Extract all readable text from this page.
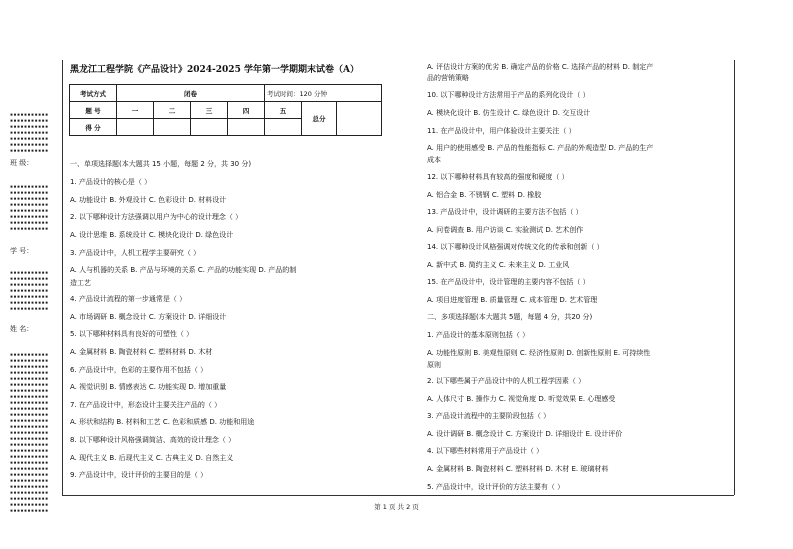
▪▪▪▪▪▪▪▪▪▪▪
▪▪▪▪▪▪▪▪▪▪▪
▪▪▪▪▪▪▪▪▪▪▪
▪▪▪▪▪▪▪▪▪▪▪
▪▪▪▪▪▪▪▪▪▪▪
▪▪▪▪▪▪▪▪▪▪▪
▪▪▪▪▪▪▪▪▪▪▪
班 级：
▪▪▪▪▪▪▪▪▪▪▪
▪▪▪▪▪▪▪▪▪▪▪
▪▪▪▪▪▪▪▪▪▪▪
▪▪▪▪▪▪▪▪▪▪▪
▪▪▪▪▪▪▪▪▪▪▪
▪▪▪▪▪▪▪▪▪▪▪
▪▪▪▪▪▪▪▪▪▪▪
▪▪▪▪▪▪▪▪▪▪▪
学 号：
▪▪▪▪▪▪▪▪▪▪▪
▪▪▪▪▪▪▪▪▪▪▪
▪▪▪▪▪▪▪▪▪▪▪
▪▪▪▪▪▪▪▪▪▪▪
▪▪▪▪▪▪▪▪▪▪▪
▪▪▪▪▪▪▪▪▪▪▪
▪▪▪▪▪▪▪▪▪▪▪
姓 名：
▪▪▪▪▪▪▪▪▪▪▪
▪▪▪▪▪▪▪▪▪▪▪
▪▪▪▪▪▪▪▪▪▪▪
▪▪▪▪▪▪▪▪▪▪▪
▪▪▪▪▪▪▪▪▪▪▪
▪▪▪▪▪▪▪▪▪▪▪
▪▪▪▪▪▪▪▪▪▪▪
▪▪▪▪▪▪▪▪▪▪▪
▪▪▪▪▪▪▪▪▪▪▪
▪▪▪▪▪▪▪▪▪▪▪
▪▪▪▪▪▪▪▪▪▪▪
▪▪▪▪▪▪▪▪▪▪▪
▪▪▪▪▪▪▪▪▪▪▪
▪▪▪▪▪▪▪▪▪▪▪
▪▪▪▪▪▪▪▪▪▪▪
▪▪▪▪▪▪▪▪▪▪▪
▪▪▪▪▪▪▪▪▪▪▪
▪▪▪▪▪▪▪▪▪▪▪
▪▪▪▪▪▪▪▪▪▪▪
▪▪▪▪▪▪▪▪▪▪▪
▪▪▪▪▪▪▪▪▪▪▪
▪▪▪▪▪▪▪▪▪▪▪
▪▪▪▪▪▪▪▪▪▪▪
▪▪▪▪▪▪▪▪▪▪▪
▪▪▪▪▪▪▪▪▪▪▪
▪▪▪▪▪▪▪▪▪▪▪
▪▪▪▪▪▪▪▪▪▪▪
黑龙江工程学院《产品设计》2024-2025 学年第一学期期末试卷（A）
考试方式	闭卷				考试时间：120 分钟		
题 号	一	二	三	四	五	总分	
得 分							
一、单项选择题(本大题共 15 小题，每题 2 分，共 30 分)
1. 产品设计的核心是（ ）
A. 功能设计 B. 外观设计 C. 色彩设计 D. 材料设计
2. 以下哪种设计方法强调以用户为中心的设计理念（ ）
A. 设计思维 B. 系统设计 C. 模块化设计 D. 绿色设计
3. 产品设计中，人机工程学主要研究（ ）
A. 人与机器的关系 B. 产品与环境的关系 C. 产品的功能实现 D. 产品的制
造工艺
4. 产品设计流程的第一步通常是（ ）
A. 市场调研 B. 概念设计 C. 方案设计 D. 详细设计
5. 以下哪种材料具有良好的可塑性（ ）
A. 金属材料 B. 陶瓷材料 C. 塑料材料 D. 木材
6. 产品设计中，色彩的主要作用不包括（ ）
A. 视觉识别 B. 情感表达 C. 功能实现 D. 增加重量
7. 在产品设计中，形态设计主要关注产品的（ ）
A. 形状和结构 B. 材料和工艺 C. 色彩和质感 D. 功能和用途
8. 以下哪种设计风格强调简洁、高效的设计理念（ ）
A. 现代主义 B. 后现代主义 C. 古典主义 D. 自然主义
9. 产品设计中，设计评价的主要目的是（ ）
A. 评估设计方案的优劣 B. 确定产品的价格 C. 选择产品的材料 D. 制定产
品的营销策略
10. 以下哪种设计方法常用于产品的系列化设计（ ）
A. 模块化设计 B. 仿生设计 C. 绿色设计 D. 交互设计
11. 在产品设计中，用户体验设计主要关注（ ）
A. 用户的使用感受 B. 产品的性能指标 C. 产品的外观造型 D. 产品的生产
成本
12. 以下哪种材料具有较高的强度和硬度（ ）
A. 铝合金 B. 不锈钢 C. 塑料 D. 橡胶
13. 产品设计中，设计调研的主要方法不包括（ ）
A. 问卷调查 B. 用户访谈 C. 实验测试 D. 艺术创作
14. 以下哪种设计风格强调对传统文化的传承和创新（ ）
A. 新中式 B. 简约主义 C. 未来主义 D. 工业风
15. 在产品设计中，设计管理的主要内容不包括（ ）
A. 项目进度管理 B. 质量管理 C. 成本管理 D. 艺术管理
二、多项选择题(本大题共 5题，每题 4 分，共20 分)
1. 产品设计的基本原则包括（ ）
A. 功能性原则 B. 美观性原则 C. 经济性原则 D. 创新性原则 E. 可持续性
原则
2. 以下哪些属于产品设计中的人机工程学因素（ ）
A. 人体尺寸 B. 操作力 C. 视觉角度 D. 听觉效果 E. 心理感受
3. 产品设计流程中的主要阶段包括（ ）
A. 设计调研 B. 概念设计 C. 方案设计 D. 详细设计 E. 设计评价
4. 以下哪些材料常用于产品设计（ ）
A. 金属材料 B. 陶瓷材料 C. 塑料材料 D. 木材 E. 玻璃材料
5. 产品设计中，设计评价的方法主要有（ ）
第 1 页 共 2 页
